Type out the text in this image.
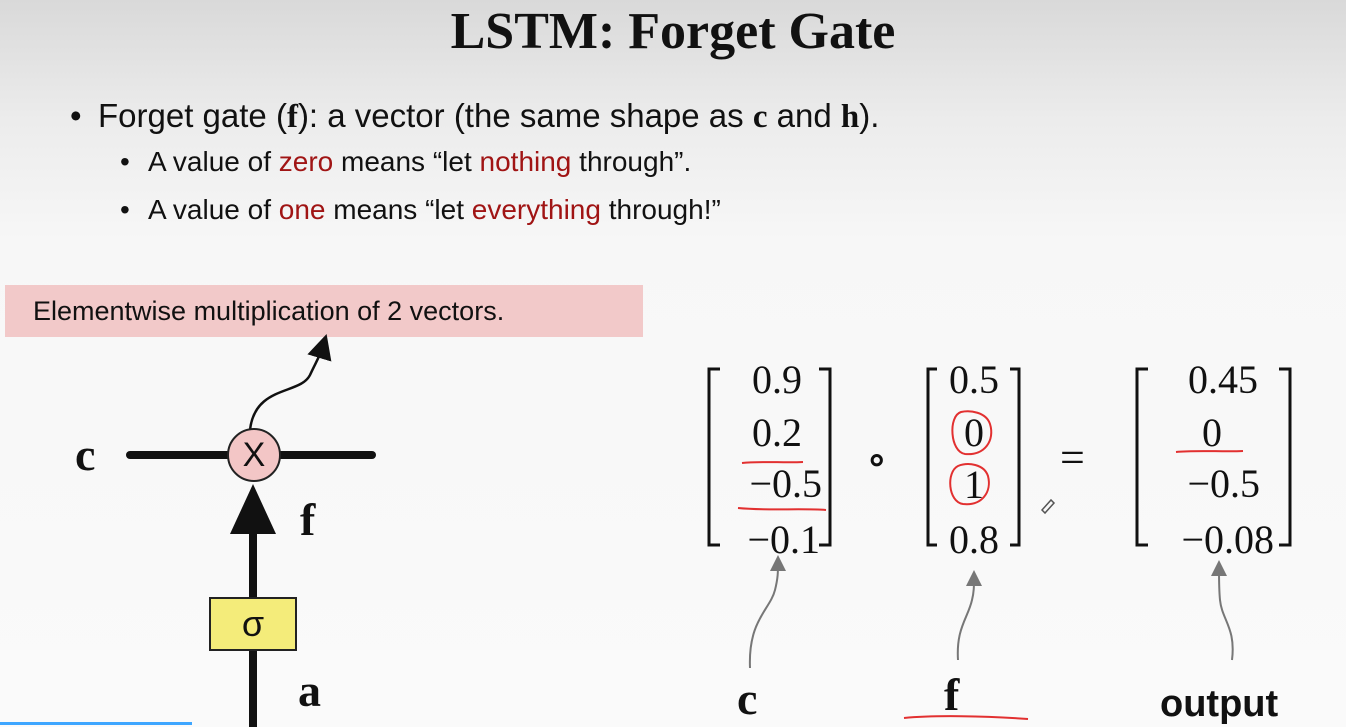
LSTM: Forget Gate
• Forget gate (f): a vector (the same shape as c and h).
• A value of zero means “let nothing through”.
• A value of one means “let everything through!”
Elementwise multiplication of 2 vectors.
X
σ
c
f
a
0.9
0.2
−0.5
−0.1
∘
0.5
0
1
0.8
=
0.45
0
−0.5
−0.08
c	f	output
